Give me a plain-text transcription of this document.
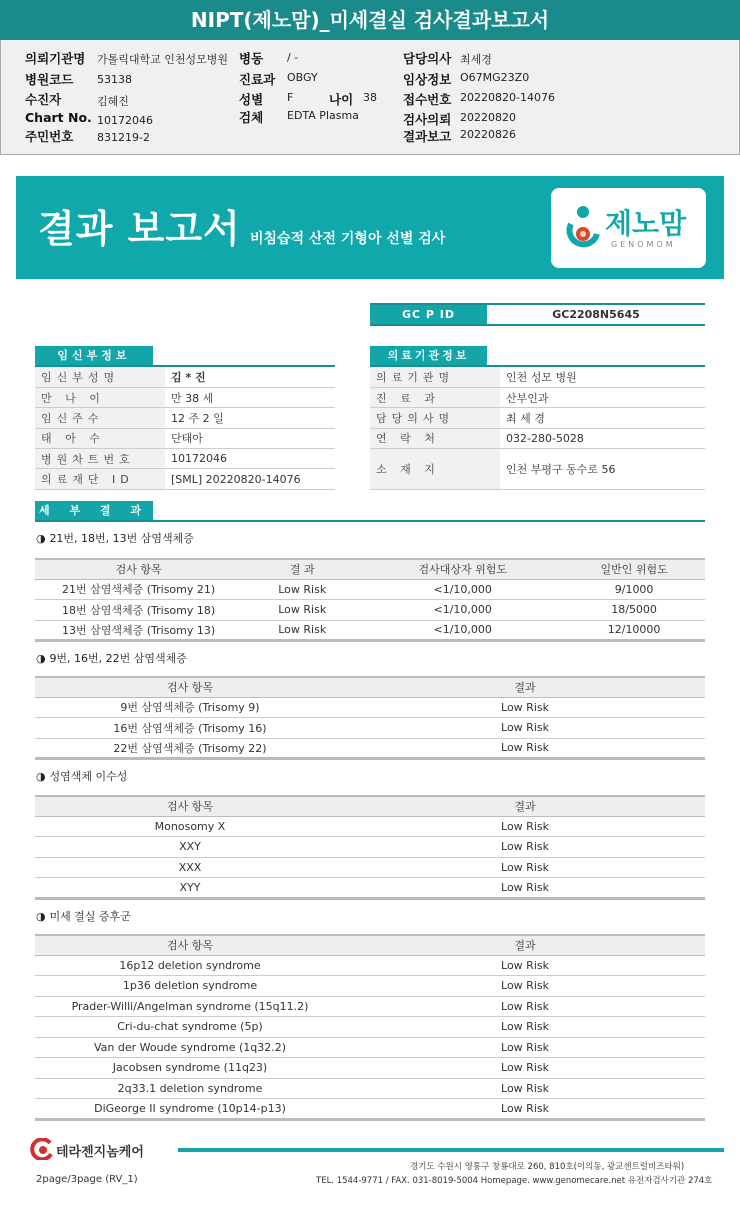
NIPT(제노맘)_미세결실 검사결과보고서
의뢰기관명 가톨릭대학교 인천성모병원
병원코드 53138
수진자	김혜진
Chart No. 10172046
주민번호 831219-2
병동 / -
진료과 OBGY
성별 F	나이 38
검체 EDTA Plasma
담당의사 최세경
임상정보 O67MG23Z0
접수번호 20220820-14076
검사의뢰 20220820
결과보고 20220826
결과 보고서 비침습적 산전 기형아 선별 검사	제노맘
GENOMOM
GC P ID	GC2208N5645
임신부정보
임신부성명	김 * 진
만 나 이	만 38 세
임신주수	12 주 2 일
태 아 수	단태아
병원차트번호	10172046
의료재단 ID	[SML] 20220820-14076
의료기관정보
의료기관명	인천 성모 병원
진 료 과	산부인과
담당의사명	최 세 경
연 락 처	032-280-5028
소 재 지	인천 부평구 동수로 56
세 부 결 과
◑ 21번, 18번, 13번 삼염색체증
검사 항목	결 과	검사대상자 위험도	일반인 위험도
21번 삼염색체증 (Trisomy 21)	Low Risk	<1/10,000	9/1000
18번 삼염색체증 (Trisomy 18)	Low Risk	<1/10,000	18/5000
13번 삼염색체증 (Trisomy 13)	Low Risk	<1/10,000	12/10000
◑ 9번, 16번, 22번 삼염색체증
검사 항목	결과
9번 삼염색체증 (Trisomy 9)	Low Risk
16번 삼염색체증 (Trisomy 16)	Low Risk
22번 삼염색체증 (Trisomy 22)	Low Risk
◑ 성염색체 이수성
검사 항목	결과
Monosomy X	Low Risk
XXY	Low Risk
XXX	Low Risk
XYY	Low Risk
◑ 미세 결실 증후군
검사 항목	결과
16p12 deletion syndrome	Low Risk
1p36 deletion syndrome	Low Risk
Prader-Willi/Angelman syndrome (15q11.2)	Low Risk
Cri-du-chat syndrome (5p)	Low Risk
Van der Woude syndrome (1q32.2)	Low Risk
Jacobsen syndrome (11q23)	Low Risk
2q33.1 deletion syndrome	Low Risk
DiGeorge II syndrome (10p14-p13)	Low Risk
테라젠지놈케어
경기도 수원시 영통구 창룡대로 260, 810호(이의동, 광교센트럴비즈타워)
TEL. 1544-9771 / FAX. 031-8019-5004 Homepage. www.genomecare.net 유전자검사기관 274호
2page/3page (RV_1)
